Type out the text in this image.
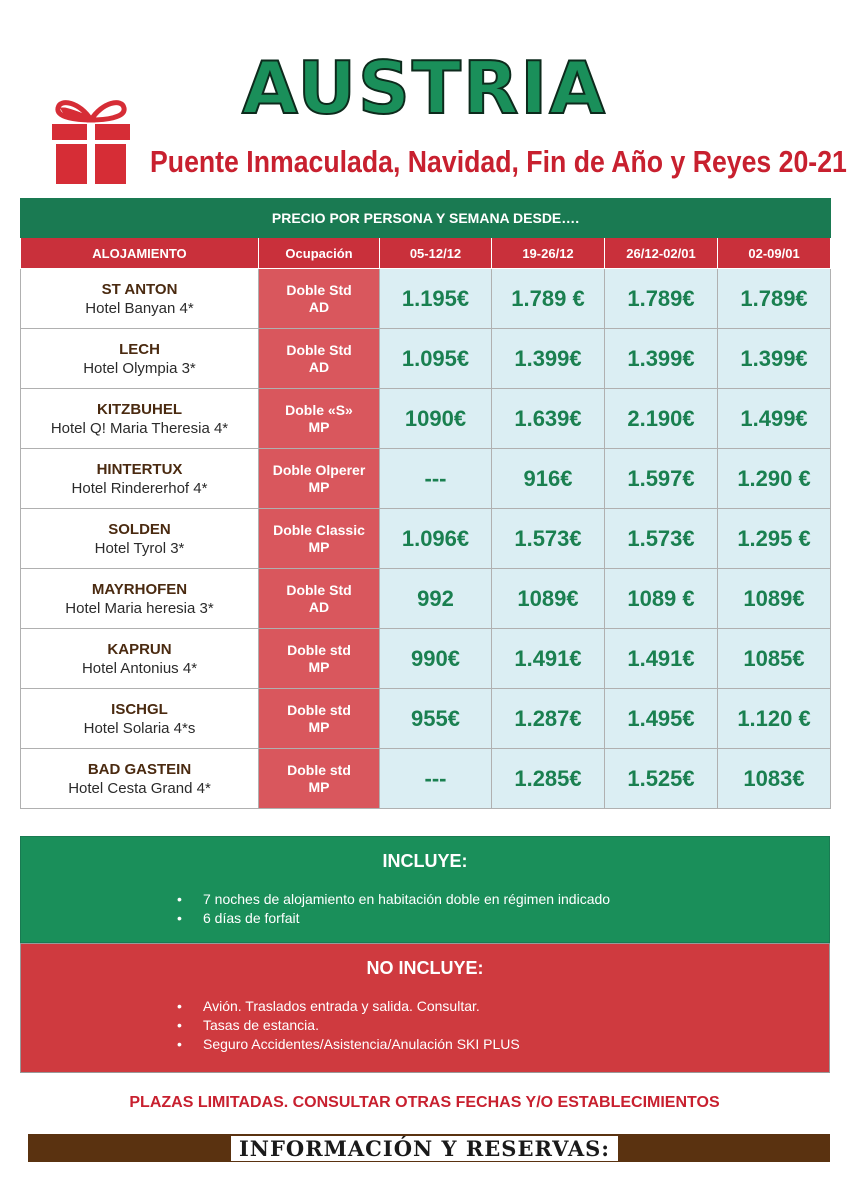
AUSTRIA
Puente Inmaculada, Navidad, Fin de Año y Reyes 20-21
PRECIO POR PERSONA Y SEMANA DESDE….					
ALOJAMIENTO	Ocupación	05-12/12	19-26/12	26/12-02/01	02-09/01

ST ANTON
Hotel Banyan 4*	Doble Std
AD	1.195€	1.789 €	1.789€	1.789€

LECH
Hotel Olympia 3*	Doble Std
AD	1.095€	1.399€	1.399€	1.399€

KITZBUHEL
Hotel Q! Maria Theresia 4*	Doble «S»
MP	1090€	1.639€	2.190€	1.499€

HINTERTUX
Hotel Rindererhof 4*	Doble Olperer
MP	---	916€	1.597€	1.290 €

SOLDEN
Hotel Tyrol 3*	Doble Classic
MP	1.096€	1.573€	1.573€	1.295 €

MAYRHOFEN
Hotel Maria heresia 3*	Doble Std
AD	992	1089€	1089 €	1089€

KAPRUN
Hotel Antonius 4*	Doble std
MP	990€	1.491€	1.491€	1085€

ISCHGL
Hotel Solaria 4*s	Doble std
MP	955€	1.287€	1.495€	1.120 €

BAD GASTEIN
Hotel Cesta Grand 4*	Doble std
MP	---	1.285€	1.525€	1083€
INCLUYE:
• 7 noches de alojamiento en habitación doble en régimen indicado
• 6 días de forfait
NO INCLUYE:
• Avión. Traslados entrada y salida. Consultar.
• Tasas de estancia.
• Seguro Accidentes/Asistencia/Anulación SKI PLUS
PLAZAS LIMITADAS. CONSULTAR OTRAS FECHAS Y/O ESTABLECIMIENTOS
INFORMACIÓN Y RESERVAS:
